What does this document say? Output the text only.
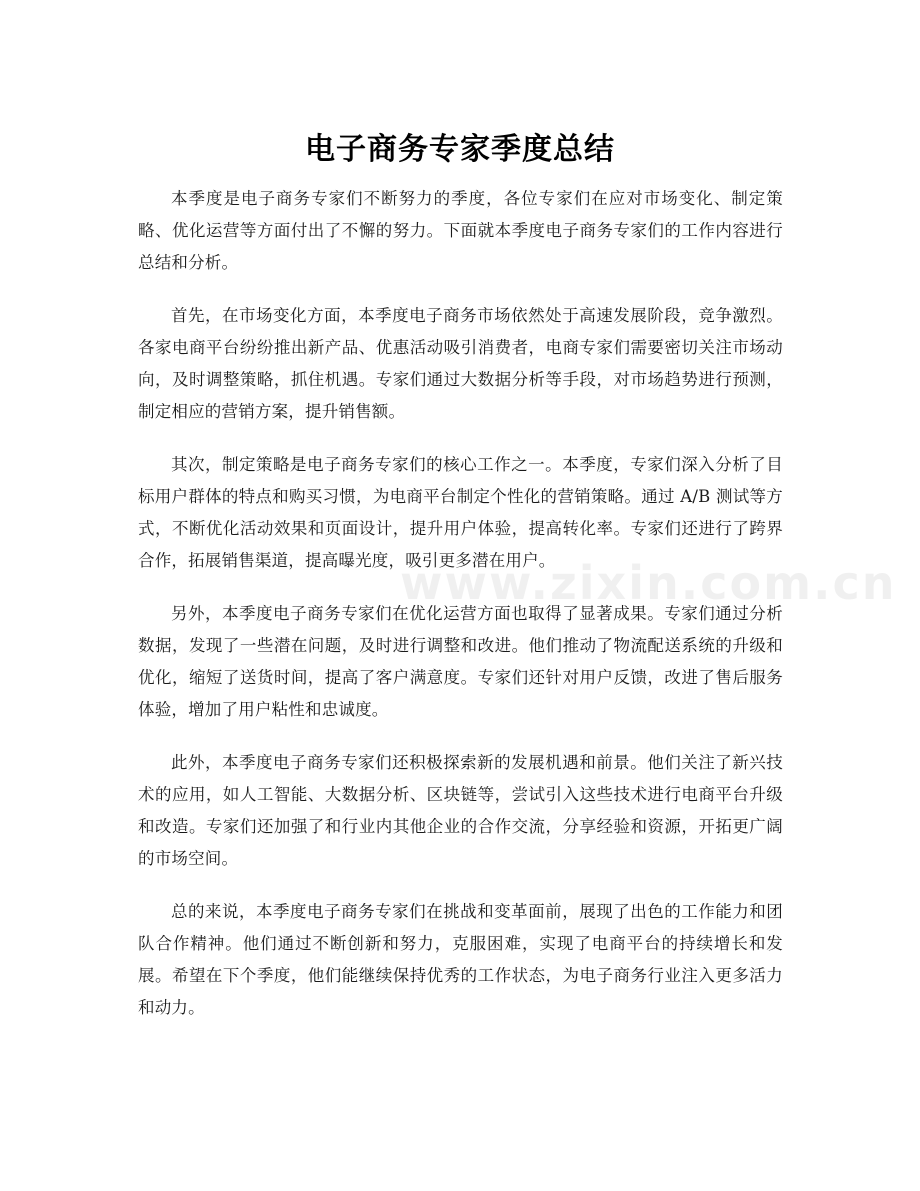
电子商务专家季度总结

本季度是电子商务专家们不断努力的季度，各位专家们在应对市场变化、制定策略、优化运营等方面付出了不懈的努力。下面就本季度电子商务专家们的工作内容进行总结和分析。

首先，在市场变化方面，本季度电子商务市场依然处于高速发展阶段，竞争激烈。各家电商平台纷纷推出新产品、优惠活动吸引消费者，电商专家们需要密切关注市场动向，及时调整策略，抓住机遇。专家们通过大数据分析等手段，对市场趋势进行预测，制定相应的营销方案，提升销售额。

其次，制定策略是电子商务专家们的核心工作之一。本季度，专家们深入分析了目标用户群体的特点和购买习惯，为电商平台制定个性化的营销策略。通过 A/B 测试等方式，不断优化活动效果和页面设计，提升用户体验，提高转化率。专家们还进行了跨界合作，拓展销售渠道，提高曝光度，吸引更多潜在用户。

另外，本季度电子商务专家们在优化运营方面也取得了显著成果。专家们通过分析数据，发现了一些潜在问题，及时进行调整和改进。他们推动了物流配送系统的升级和优化，缩短了送货时间，提高了客户满意度。专家们还针对用户反馈，改进了售后服务体验，增加了用户粘性和忠诚度。

此外，本季度电子商务专家们还积极探索新的发展机遇和前景。他们关注了新兴技术的应用，如人工智能、大数据分析、区块链等，尝试引入这些技术进行电商平台升级和改造。专家们还加强了和行业内其他企业的合作交流，分享经验和资源，开拓更广阔的市场空间。

总的来说，本季度电子商务专家们在挑战和变革面前，展现了出色的工作能力和团队合作精神。他们通过不断创新和努力，克服困难，实现了电商平台的持续增长和发展。希望在下个季度，他们能继续保持优秀的工作状态，为电子商务行业注入更多活力和动力。

www.zixin.com.cn
